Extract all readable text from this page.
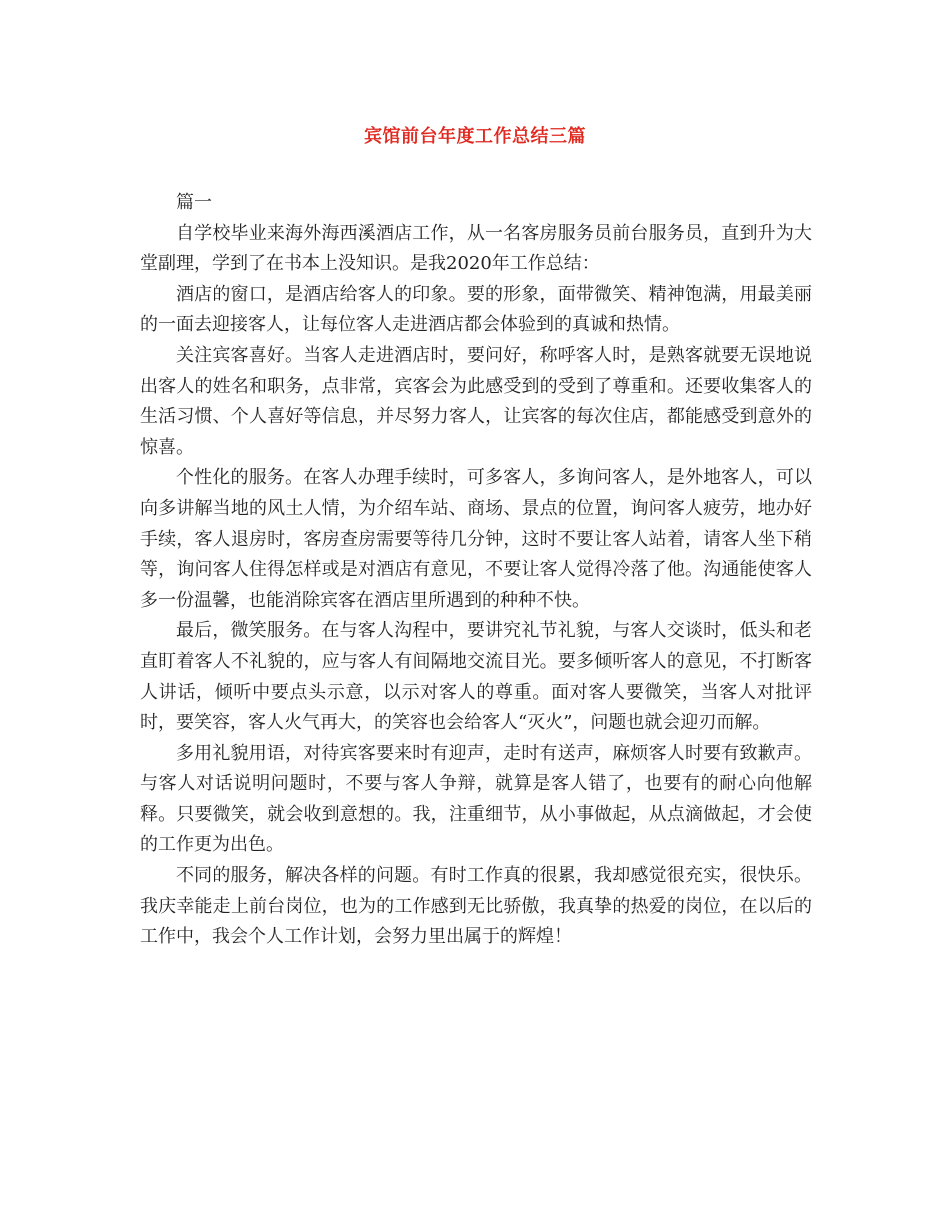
宾馆前台年度工作总结三篇

篇一

自学校毕业来海外海西溪酒店工作，从一名客房服务员前台服务员，直到升为大堂副理，学到了在书本上没知识。是我2020年工作总结：

酒店的窗口，是酒店给客人的印象。要的形象，面带微笑、精神饱满，用最美丽的一面去迎接客人，让每位客人走进酒店都会体验到的真诚和热情。

关注宾客喜好。当客人走进酒店时，要问好，称呼客人时，是熟客就要无误地说出客人的姓名和职务，点非常，宾客会为此感受到的受到了尊重和。还要收集客人的生活习惯、个人喜好等信息，并尽努力客人，让宾客的每次住店，都能感受到意外的惊喜。

个性化的服务。在客人办理手续时，可多客人，多询问客人，是外地客人，可以向多讲解当地的风土人情，为介绍车站、商场、景点的位置，询问客人疲劳，地办好手续，客人退房时，客房查房需要等待几分钟，这时不要让客人站着，请客人坐下稍等，询问客人住得怎样或是对酒店有意见，不要让客人觉得冷落了他。沟通能使客人多一份温馨，也能消除宾客在酒店里所遇到的种种不快。

最后，微笑服务。在与客人沟程中，要讲究礼节礼貌，与客人交谈时，低头和老直盯着客人不礼貌的，应与客人有间隔地交流目光。要多倾听客人的意见，不打断客人讲话，倾听中要点头示意，以示对客人的尊重。面对客人要微笑，当客人对批评时，要笑容，客人火气再大，的笑容也会给客人“灭火”，问题也就会迎刃而解。

多用礼貌用语，对待宾客要来时有迎声，走时有送声，麻烦客人时要有致歉声。与客人对话说明问题时，不要与客人争辩，就算是客人错了，也要有的耐心向他解释。只要微笑，就会收到意想的。我，注重细节，从小事做起，从点滴做起，才会使的工作更为出色。

不同的服务，解决各样的问题。有时工作真的很累，我却感觉很充实，很快乐。我庆幸能走上前台岗位，也为的工作感到无比骄傲，我真挚的热爱的岗位，在以后的工作中，我会个人工作计划，会努力里出属于的辉煌！
